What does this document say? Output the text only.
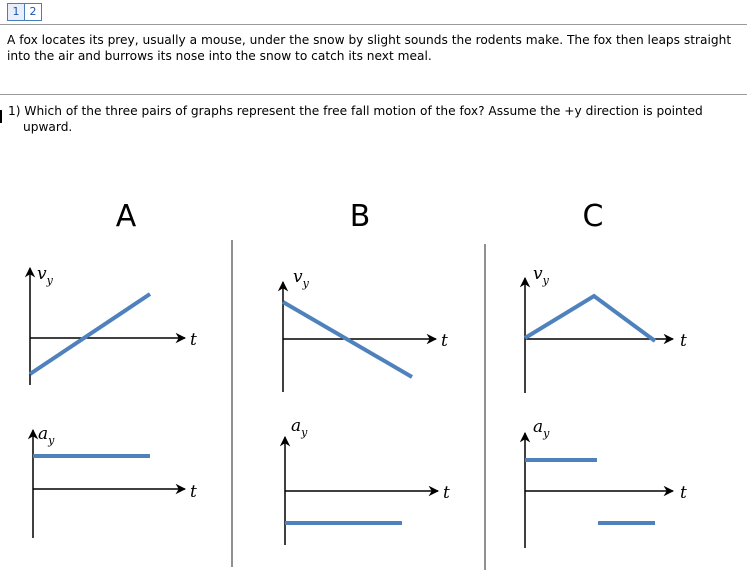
1 2
A fox locates its prey, usually a mouse, under the snow by slight sounds the rodents make. The fox then leaps straight into the air and burrows its nose into the snow to catch its next meal.
1) Which of the three pairs of graphs represent the free fall motion of the fox? Assume the +y direction is pointed
upward.
A	B	C
$v_y$
t
$a_y$
t
$v_y$
t
$a_y$
t
$v_y$
t
$a_y$
t
